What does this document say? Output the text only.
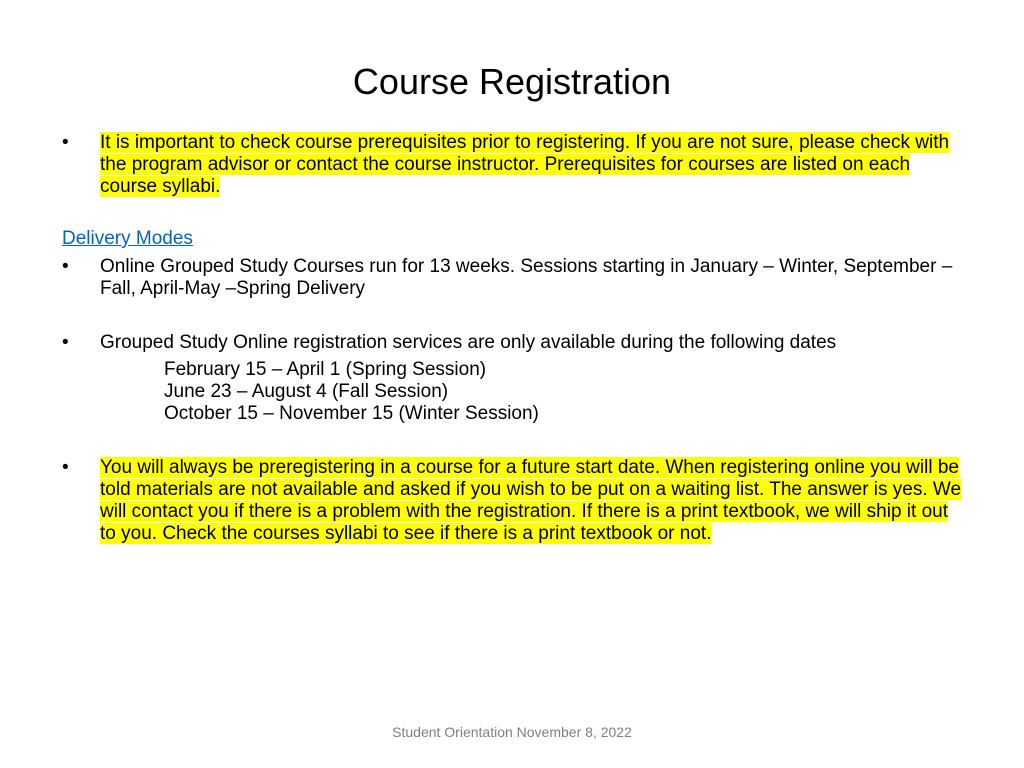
Course Registration
•	It is important to check course prerequisites prior to registering. If you are not sure, please check with the program advisor or contact the course instructor. Prerequisites for courses are listed on each course syllabi.
Delivery Modes
•	Online Grouped Study Courses run for 13 weeks. Sessions starting in January – Winter, September – Fall, April-May –Spring Delivery
•	Grouped Study Online registration services are only available during the following dates
February 15 – April 1 (Spring Session)
June 23 – August 4 (Fall Session)
October 15 – November 15 (Winter Session)
•	You will always be preregistering in a course for a future start date. When registering online you will be told materials are not available and asked if you wish to be put on a waiting list. The answer is yes. We will contact you if there is a problem with the registration. If there is a print textbook, we will ship it out to you. Check the courses syllabi to see if there is a print textbook or not.
Student Orientation November 8, 2022
